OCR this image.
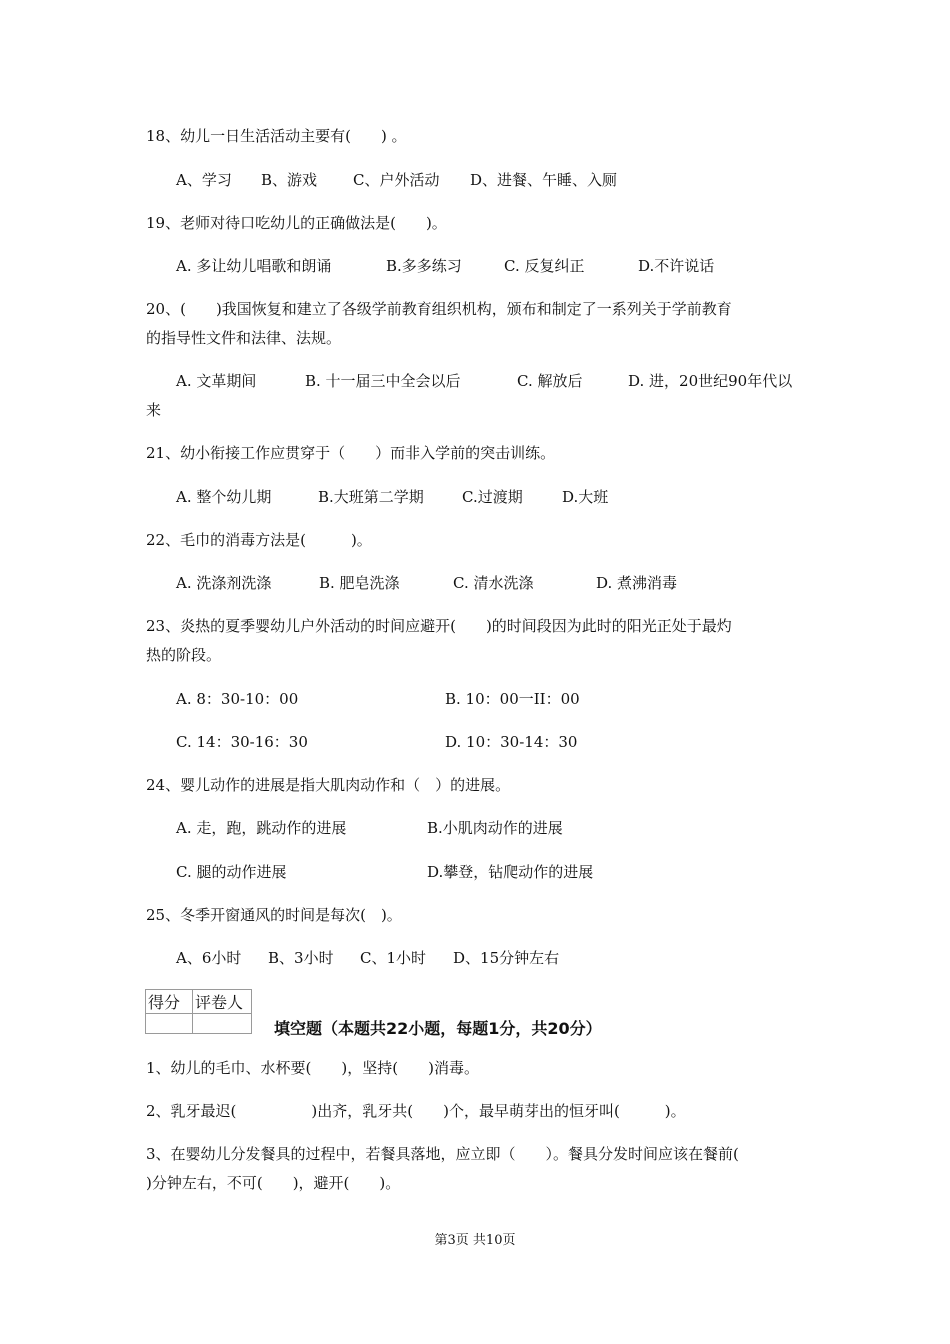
18、幼儿一日生活活动主要有(　　) 。
A、学习 B、游戏 C、户外活动 D、进餐、午睡、入厕
19、老师对待口吃幼儿的正确做法是(　　)。
A. 多让幼儿唱歌和朗诵	B.多多练习	C. 反复纠正	D.不许说话
20、(　　)我国恢复和建立了各级学前教育组织机构，颁布和制定了一系列关于学前教育
的指导性文件和法律、法规。
A. 文革期间	B. 十一届三中全会以后	C. 解放后	D. 进，20世纪90年代以
来
21、幼小衔接工作应贯穿于（　　）而非入学前的突击训练。
A. 整个幼儿期	B.大班第二学期	C.过渡期	D.大班
22、毛巾的消毒方法是(　　　)。
A. 洗涤剂洗涤	B. 肥皂洗涤	C. 清水洗涤	D. 煮沸消毒
23、炎热的夏季婴幼儿户外活动的时间应避开(　　)的时间段因为此时的阳光正处于最灼
热的阶段。
A. 8：30-10：00	B. 10：00一II：00
C. 14：30-16：30	D. 10：30-14：30
24、婴儿动作的进展是指大肌肉动作和（　）的进展。
A. 走，跑，跳动作的进展	B.小肌肉动作的进展
C. 腿的动作进展	D.攀登，钻爬动作的进展
25、冬季开窗通风的时间是每次(　)。
A、6小时 B、3小时 C、1小时 D、15分钟左右
得分	评卷人

填空题（本题共22小题，每题1分，共20分）
1、幼儿的毛巾、水杯要(　　)，坚持(　　)消毒。
2、乳牙最迟(　　　　　)出齐，乳牙共(　　)个，最早萌芽出的恒牙叫(　　　)。
3、在婴幼儿分发餐具的过程中，若餐具落地，应立即（　　）。餐具分发时间应该在餐前(
)分钟左右，不可(　　)，避开(　　)。
第3页 共10页
